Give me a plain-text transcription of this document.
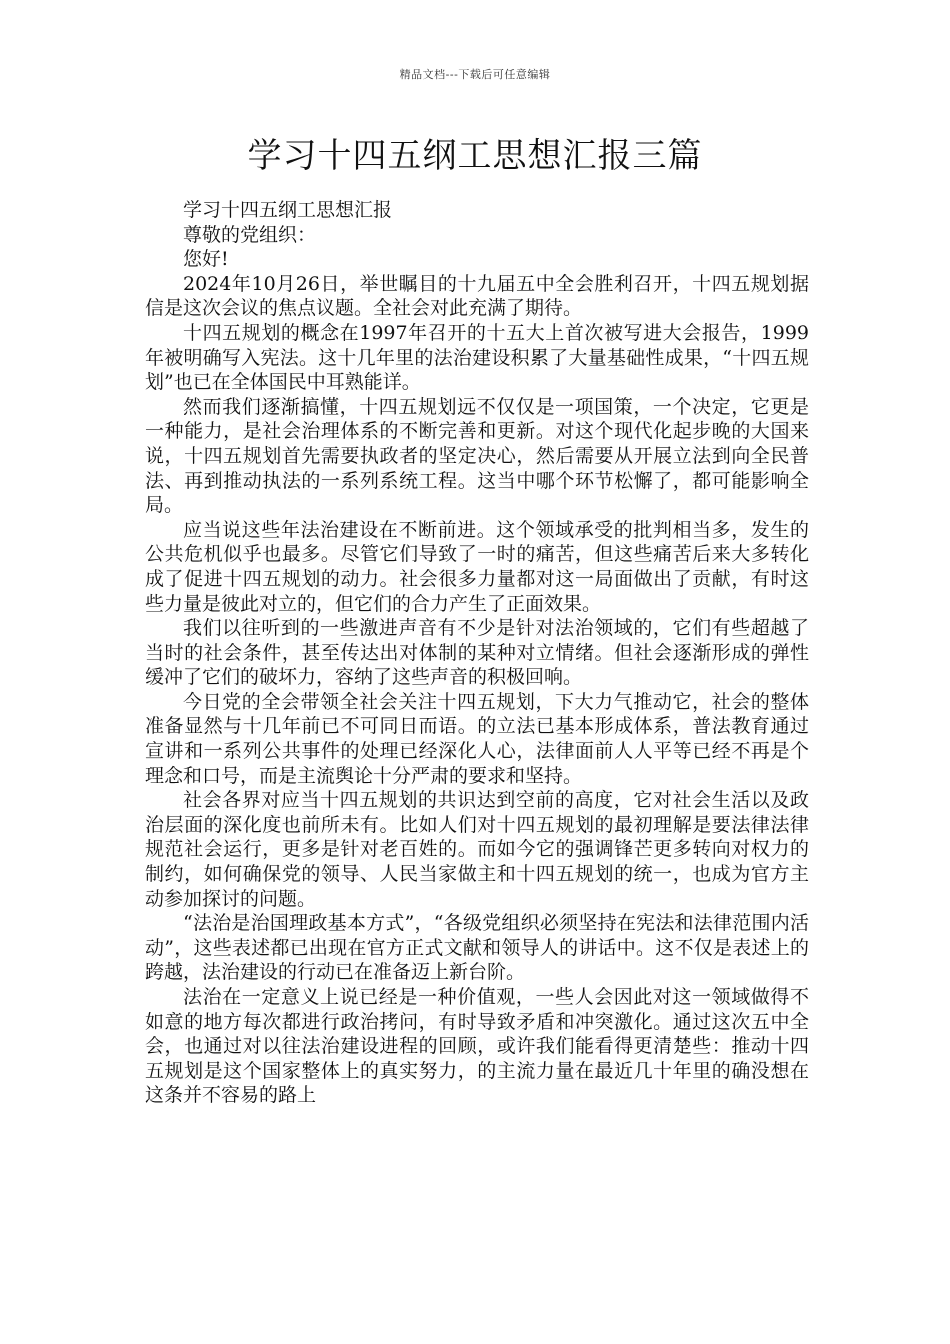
精品文档---下载后可任意编辑
学习十四五纲工思想汇报三篇

学习十四五纲工思想汇报

尊敬的党组织：

您好!

2024年10月26日，举世瞩目的十九届五中全会胜利召开，十四五规划据信是这次会议的焦点议题。全社会对此充满了期待。

十四五规划的概念在1997年召开的十五大上首次被写进大会报告，1999年被明确写入宪法。这十几年里的法治建设积累了大量基础性成果，“十四五规划”也已在全体国民中耳熟能详。

然而我们逐渐搞懂，十四五规划远不仅仅是一项国策，一个决定，它更是一种能力，是社会治理体系的不断完善和更新。对这个现代化起步晚的大国来说，十四五规划首先需要执政者的坚定决心，然后需要从开展立法到向全民普法、再到推动执法的一系列系统工程。这当中哪个环节松懈了，都可能影响全局。

应当说这些年法治建设在不断前进。这个领域承受的批判相当多，发生的公共危机似乎也最多。尽管它们导致了一时的痛苦，但这些痛苦后来大多转化成了促进十四五规划的动力。社会很多力量都对这一局面做出了贡献，有时这些力量是彼此对立的，但它们的合力产生了正面效果。

我们以往听到的一些激进声音有不少是针对法治领域的，它们有些超越了当时的社会条件，甚至传达出对体制的某种对立情绪。但社会逐渐形成的弹性缓冲了它们的破坏力，容纳了这些声音的积极回响。

今日党的全会带领全社会关注十四五规划，下大力气推动它，社会的整体准备显然与十几年前已不可同日而语。的立法已基本形成体系，普法教育通过宣讲和一系列公共事件的处理已经深化人心，法律面前人人平等已经不再是个理念和口号，而是主流舆论十分严肃的要求和坚持。

社会各界对应当十四五规划的共识达到空前的高度，它对社会生活以及政治层面的深化度也前所未有。比如人们对十四五规划的最初理解是要法律法律规范社会运行，更多是针对老百姓的。而如今它的强调锋芒更多转向对权力的制约，如何确保党的领导、人民当家做主和十四五规划的统一，也成为官方主动参加探讨的问题。

“法治是治国理政基本方式”，“各级党组织必须坚持在宪法和法律范围内活动”，这些表述都已出现在官方正式文献和领导人的讲话中。这不仅是表述上的跨越，法治建设的行动已在准备迈上新台阶。

法治在一定意义上说已经是一种价值观，一些人会因此对这一领域做得不如意的地方每次都进行政治拷问，有时导致矛盾和冲突激化。通过这次五中全会，也通过对以往法治建设进程的回顾，或许我们能看得更清楚些：推动十四五规划是这个国家整体上的真实努力，的主流力量在最近几十年里的确没想在这条并不容易的路上
